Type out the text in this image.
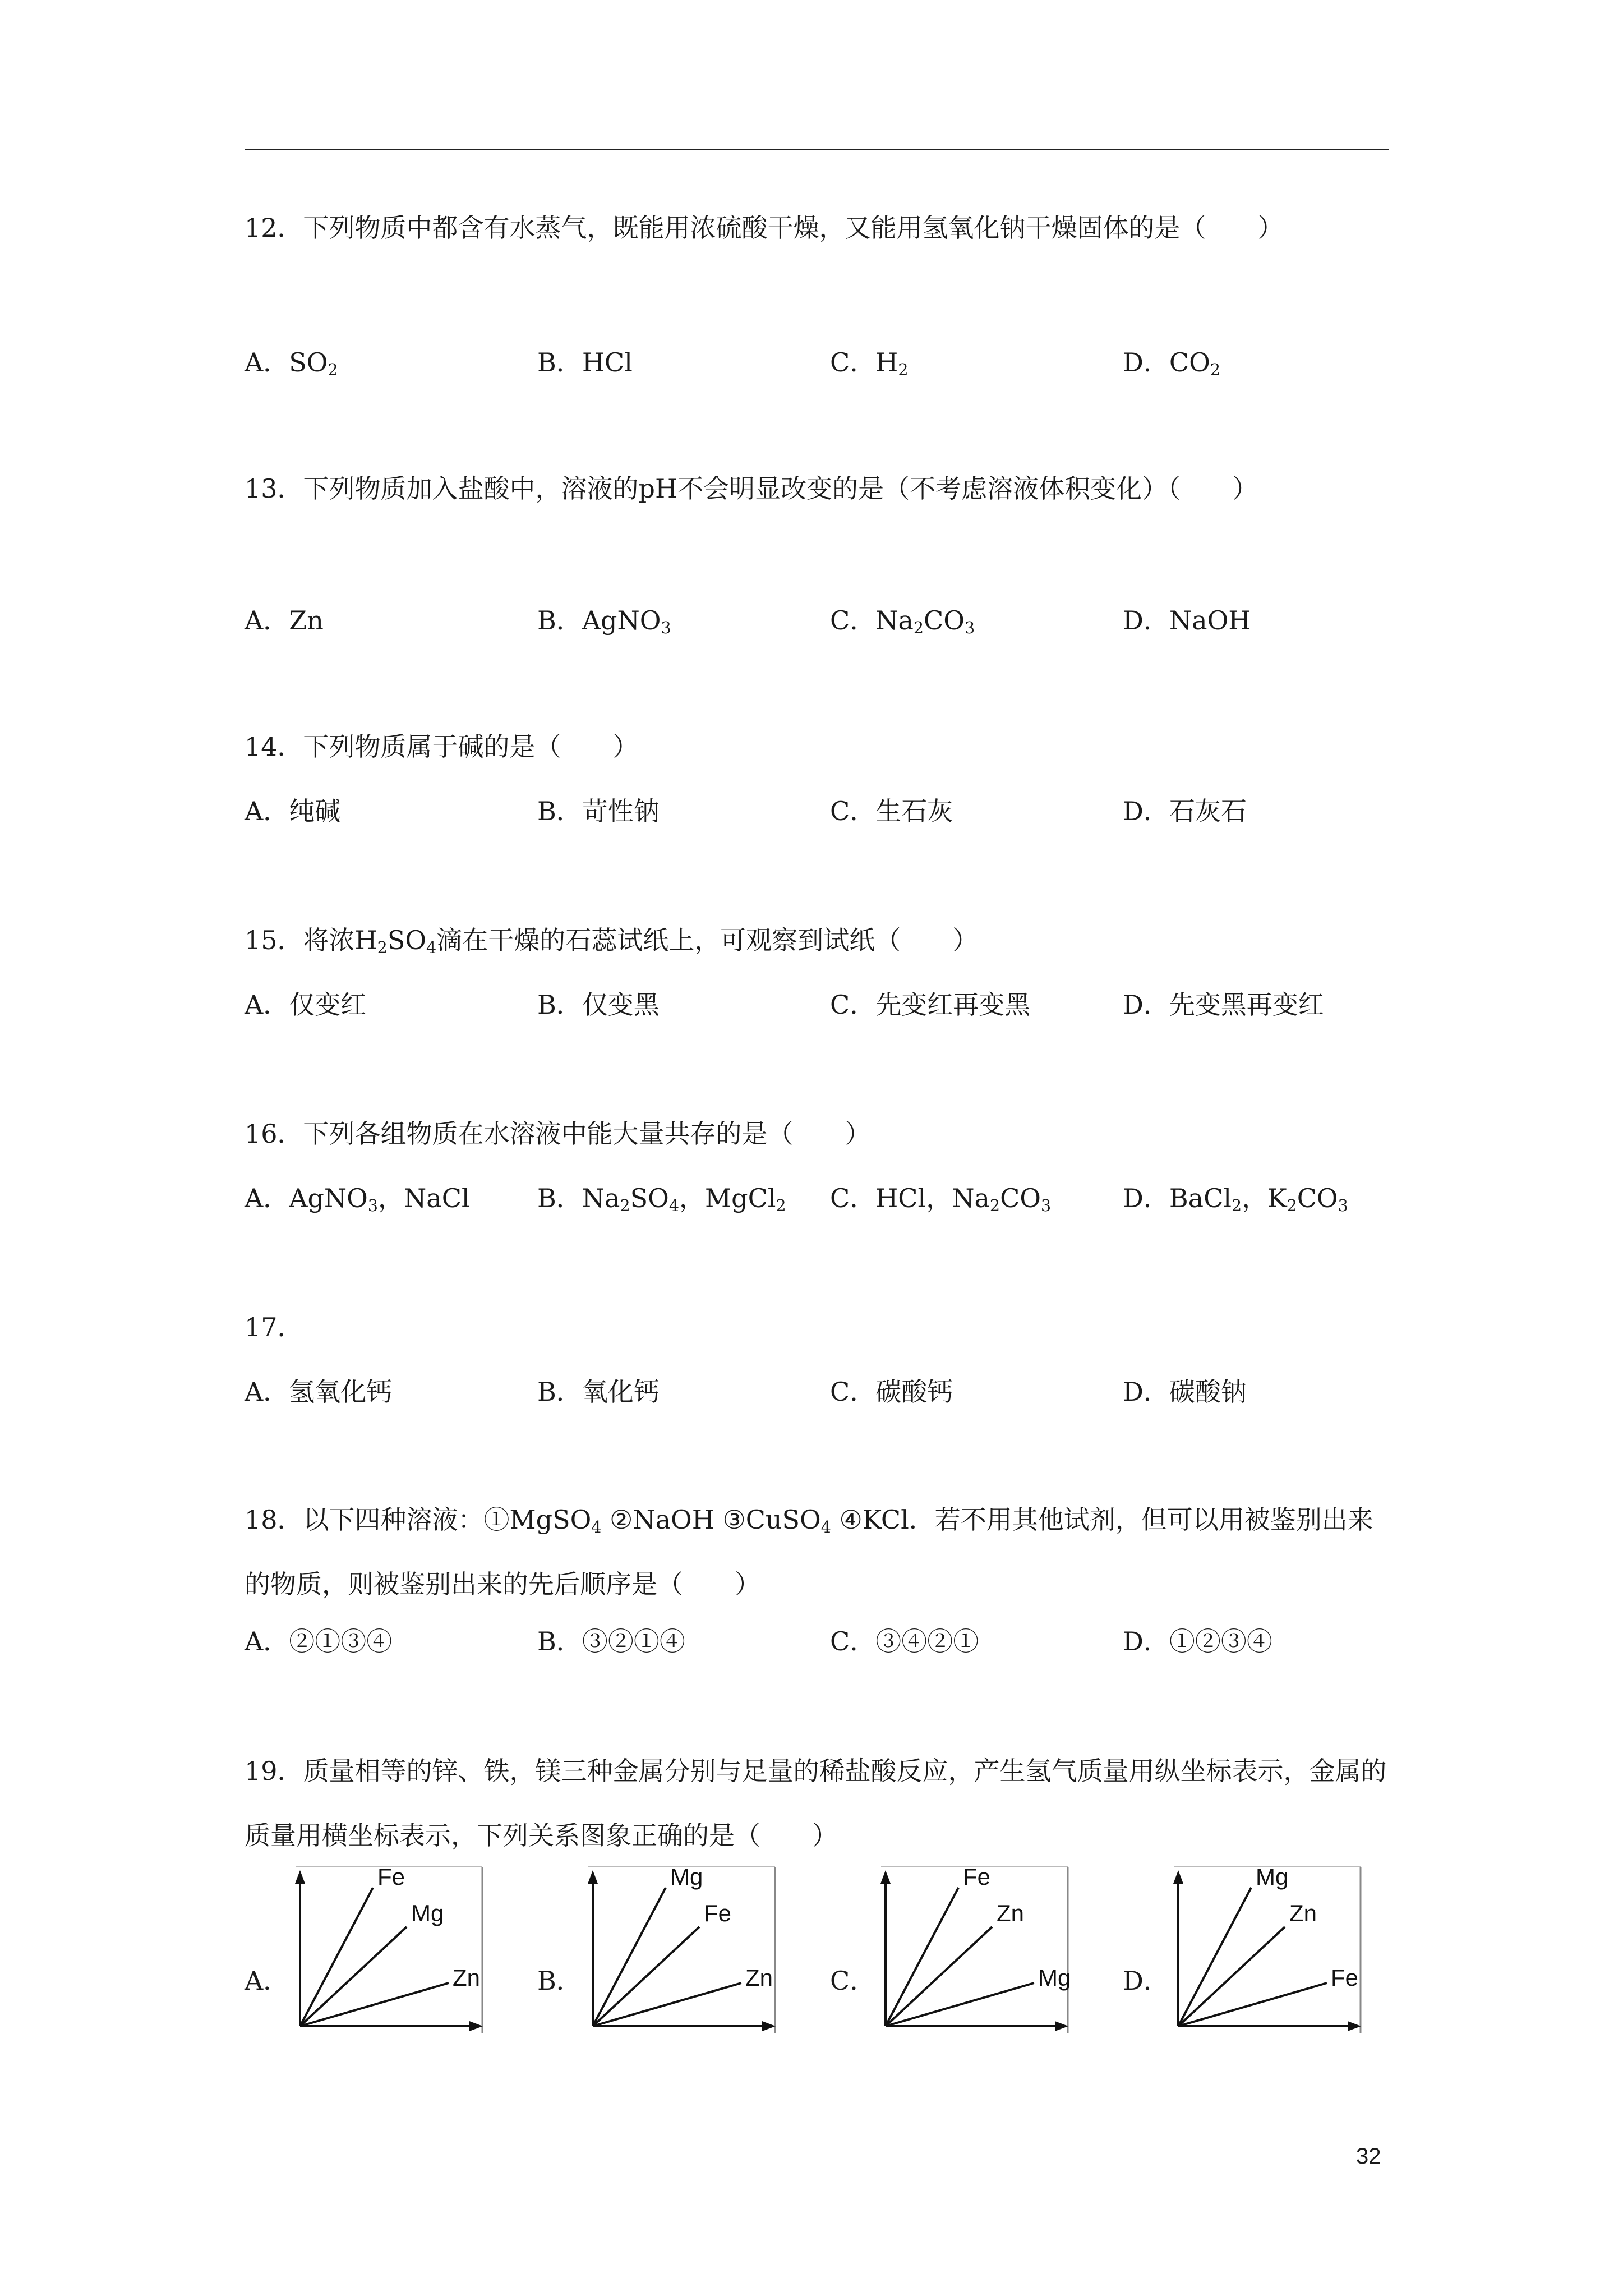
12．下列物质中都含有水蒸气，既能用浓硫酸干燥，又能用氢氧化钠干燥固体的是（　　）
A．$SO_2$	B．HCl	C．$H_2$	D．$CO_2$
13．下列物质加入盐酸中，溶液的pH不会明显改变的是（不考虑溶液体积变化）（　　）
A．Zn	B．AgNO$_3$	C．$Na_2CO_3$	D．NaOH
14．下列物质属于碱的是（　　）
A．纯碱	B．苛性钠	C．生石灰	D．石灰石
15．将浓$H_2SO_4$滴在干燥的石蕊试纸上，可观察到试纸（　　）
A．仅变红	B．仅变黑	C．先变红再变黑	D．先变黑再变红
16．下列各组物质在水溶液中能大量共存的是（　　）
A．AgNO$_3$，NaCl	B．$Na_2SO_4$，MgCl$_2$ C．HCl，$Na_2CO_3$	D．BaCl$_2$，$K_2CO_3$
17．
A．氢氧化钙	B．氧化钙	C．碳酸钙	D．碳酸钠
18．以下四种溶液：①MgSO$_4$ ②NaOH ③CuSO$_4$ ④KCl．若不用其他试剂，但可以用被鉴别出来的物质，则被鉴别出来的先后顺序是（　　）
A．②①③④	B．③②①④	C．③④②①	D．①②③④
19．质量相等的锌、铁，镁三种金属分别与足量的稀盐酸反应，产生氢气质量用纵坐标表示，金属的质量用横坐标表示，下列关系图象正确的是（　　）
A．	B．	C．	D．
Fe
Mg
Zn
Mg
Fe
Zn
Fe
Zn
Mg
Mg
Zn
Fe
32
